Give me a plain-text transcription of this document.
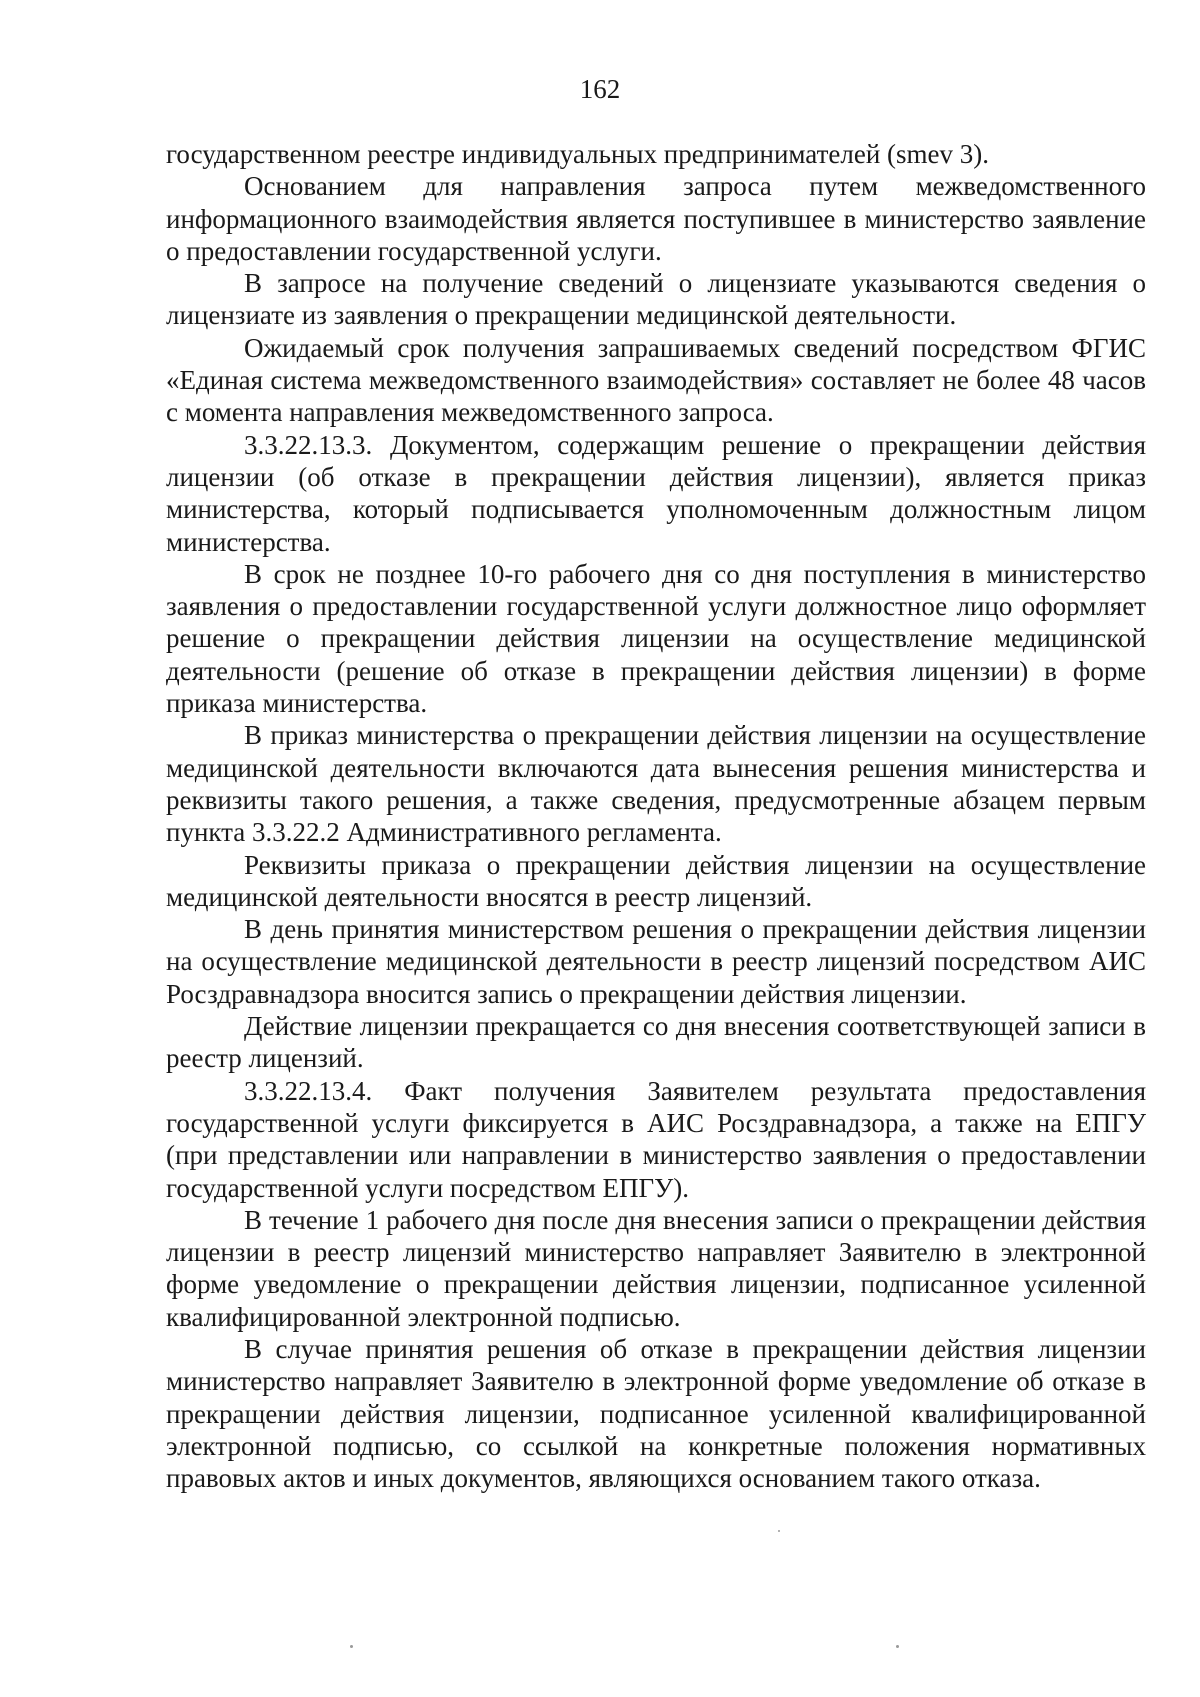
162

государственном реестре индивидуальных предпринимателей (smev 3).

Основанием для направления запроса путем межведомственного информационного взаимодействия является поступившее в министерство заявление о предоставлении государственной услуги.

В запросе на получение сведений о лицензиате указываются сведения о лицензиате из заявления о прекращении медицинской деятельности.

Ожидаемый срок получения запрашиваемых сведений посредством ФГИС «Единая система межведомственного взаимодействия» составляет не более 48 часов с момента направления межведомственного запроса.

3.3.22.13.3. Документом, содержащим решение о прекращении действия лицензии (об отказе в прекращении действия лицензии), является приказ министерства, который подписывается уполномоченным должностным лицом министерства.

В срок не позднее 10-го рабочего дня со дня поступления в министерство заявления о предоставлении государственной услуги должностное лицо оформляет решение о прекращении действия лицензии на осуществление медицинской деятельности (решение об отказе в прекращении действия лицензии) в форме приказа министерства.

В приказ министерства о прекращении действия лицензии на осуществление медицинской деятельности включаются дата вынесения решения министерства и реквизиты такого решения, а также сведения, предусмотренные абзацем первым пункта 3.3.22.2 Административного регламента.

Реквизиты приказа о прекращении действия лицензии на осуществление медицинской деятельности вносятся в реестр лицензий.

В день принятия министерством решения о прекращении действия лицензии на осуществление медицинской деятельности в реестр лицензий посредством АИС Росздравнадзора вносится запись о прекращении действия лицензии.

Действие лицензии прекращается со дня внесения соответствующей записи в реестр лицензий.

3.3.22.13.4. Факт получения Заявителем результата предоставления государственной услуги фиксируется в АИС Росздравнадзора, а также на ЕПГУ (при представлении или направлении в министерство заявления о предоставлении государственной услуги посредством ЕПГУ).

В течение 1 рабочего дня после дня внесения записи о прекращении действия лицензии в реестр лицензий министерство направляет Заявителю в электронной форме уведомление о прекращении действия лицензии, подписанное усиленной квалифицированной электронной подписью.

В случае принятия решения об отказе в прекращении действия лицензии министерство направляет Заявителю в электронной форме уведомление об отказе в прекращении действия лицензии, подписанное усиленной квалифицированной электронной подписью, со ссылкой на конкретные положения нормативных правовых актов и иных документов, являющихся основанием такого отказа.
